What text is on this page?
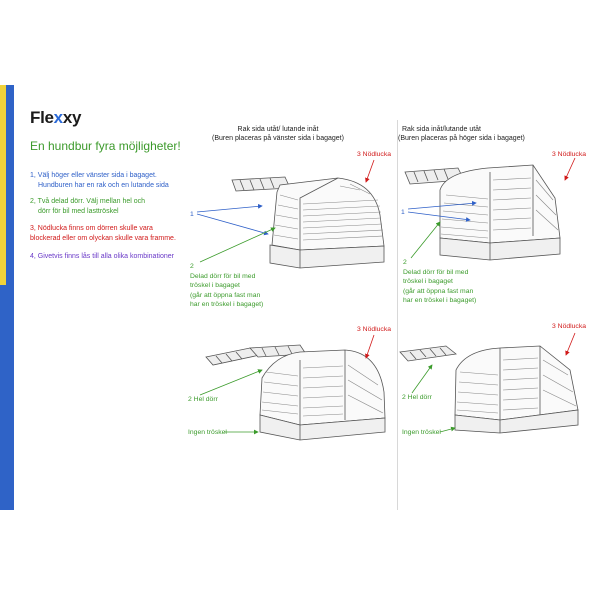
Flexxy
En hundbur fyra möjligheter!
1, Välj höger eller vänster sida i bagaget.
Hundburen har en rak och en lutande sida
2, Två delad dörr. Välj mellan hel och
dörr för bil med lasttröskel
3, Nödlucka finns om dörren skulle vara
blockerad eller om olyckan skulle vara framme.
4, Givetvis finns lås till alla olika kombinationer
Rak sida utåt/ lutande inåt
(Buren placeras på vänster sida i bagaget)
Rak sida inåt/lutande utåt
(Buren placeras på höger sida i bagaget)
3 Nödlucka
1
2
Delad dörr för bil med
tröskel i bagaget
(går att öppna fast man
har en tröskel i bagaget)
3 Nödlucka
1
2
Delad dörr för bil med
tröskel i bagaget
(går att öppna fast man
har en tröskel i bagaget)
3 Nödlucka
2 Hel dörr
Ingen tröskel
3 Nödlucka
2 Hel dörr
Ingen tröskel
